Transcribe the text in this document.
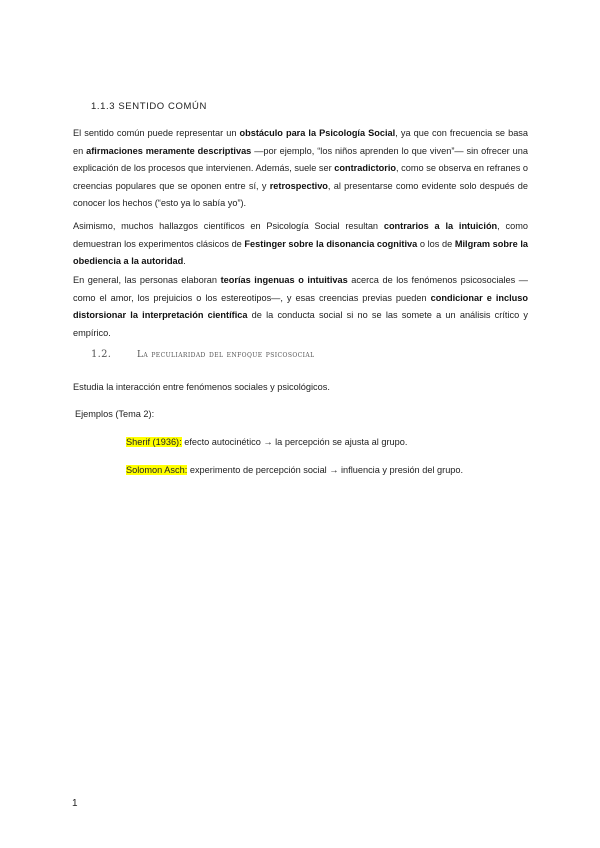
1.1.3 SENTIDO COMÚN
El sentido común puede representar un obstáculo para la Psicología Social, ya que con frecuencia se basa en afirmaciones meramente descriptivas —por ejemplo, “los niños aprenden lo que viven”— sin ofrecer una explicación de los procesos que intervienen. Además, suele ser contradictorio, como se observa en refranes o creencias populares que se oponen entre sí, y retrospectivo, al presentarse como evidente solo después de conocer los hechos (“esto ya lo sabía yo”).
Asimismo, muchos hallazgos científicos en Psicología Social resultan contrarios a la intuición, como demuestran los experimentos clásicos de Festinger sobre la disonancia cognitiva o los de Milgram sobre la obediencia a la autoridad.
En general, las personas elaboran teorías ingenuas o intuitivas acerca de los fenómenos psicosociales —como el amor, los prejuicios o los estereotipos—, y esas creencias previas pueden condicionar e incluso distorsionar la interpretación científica de la conducta social si no se las somete a un análisis crítico y empírico.
1.2.	La peculiaridad del enfoque psicosocial
Estudia la interacción entre fenómenos sociales y psicológicos.
Ejemplos (Tema 2):
Sherif (1936): efecto autocinético → la percepción se ajusta al grupo.
Solomon Asch: experimento de percepción social → influencia y presión del grupo.
1
